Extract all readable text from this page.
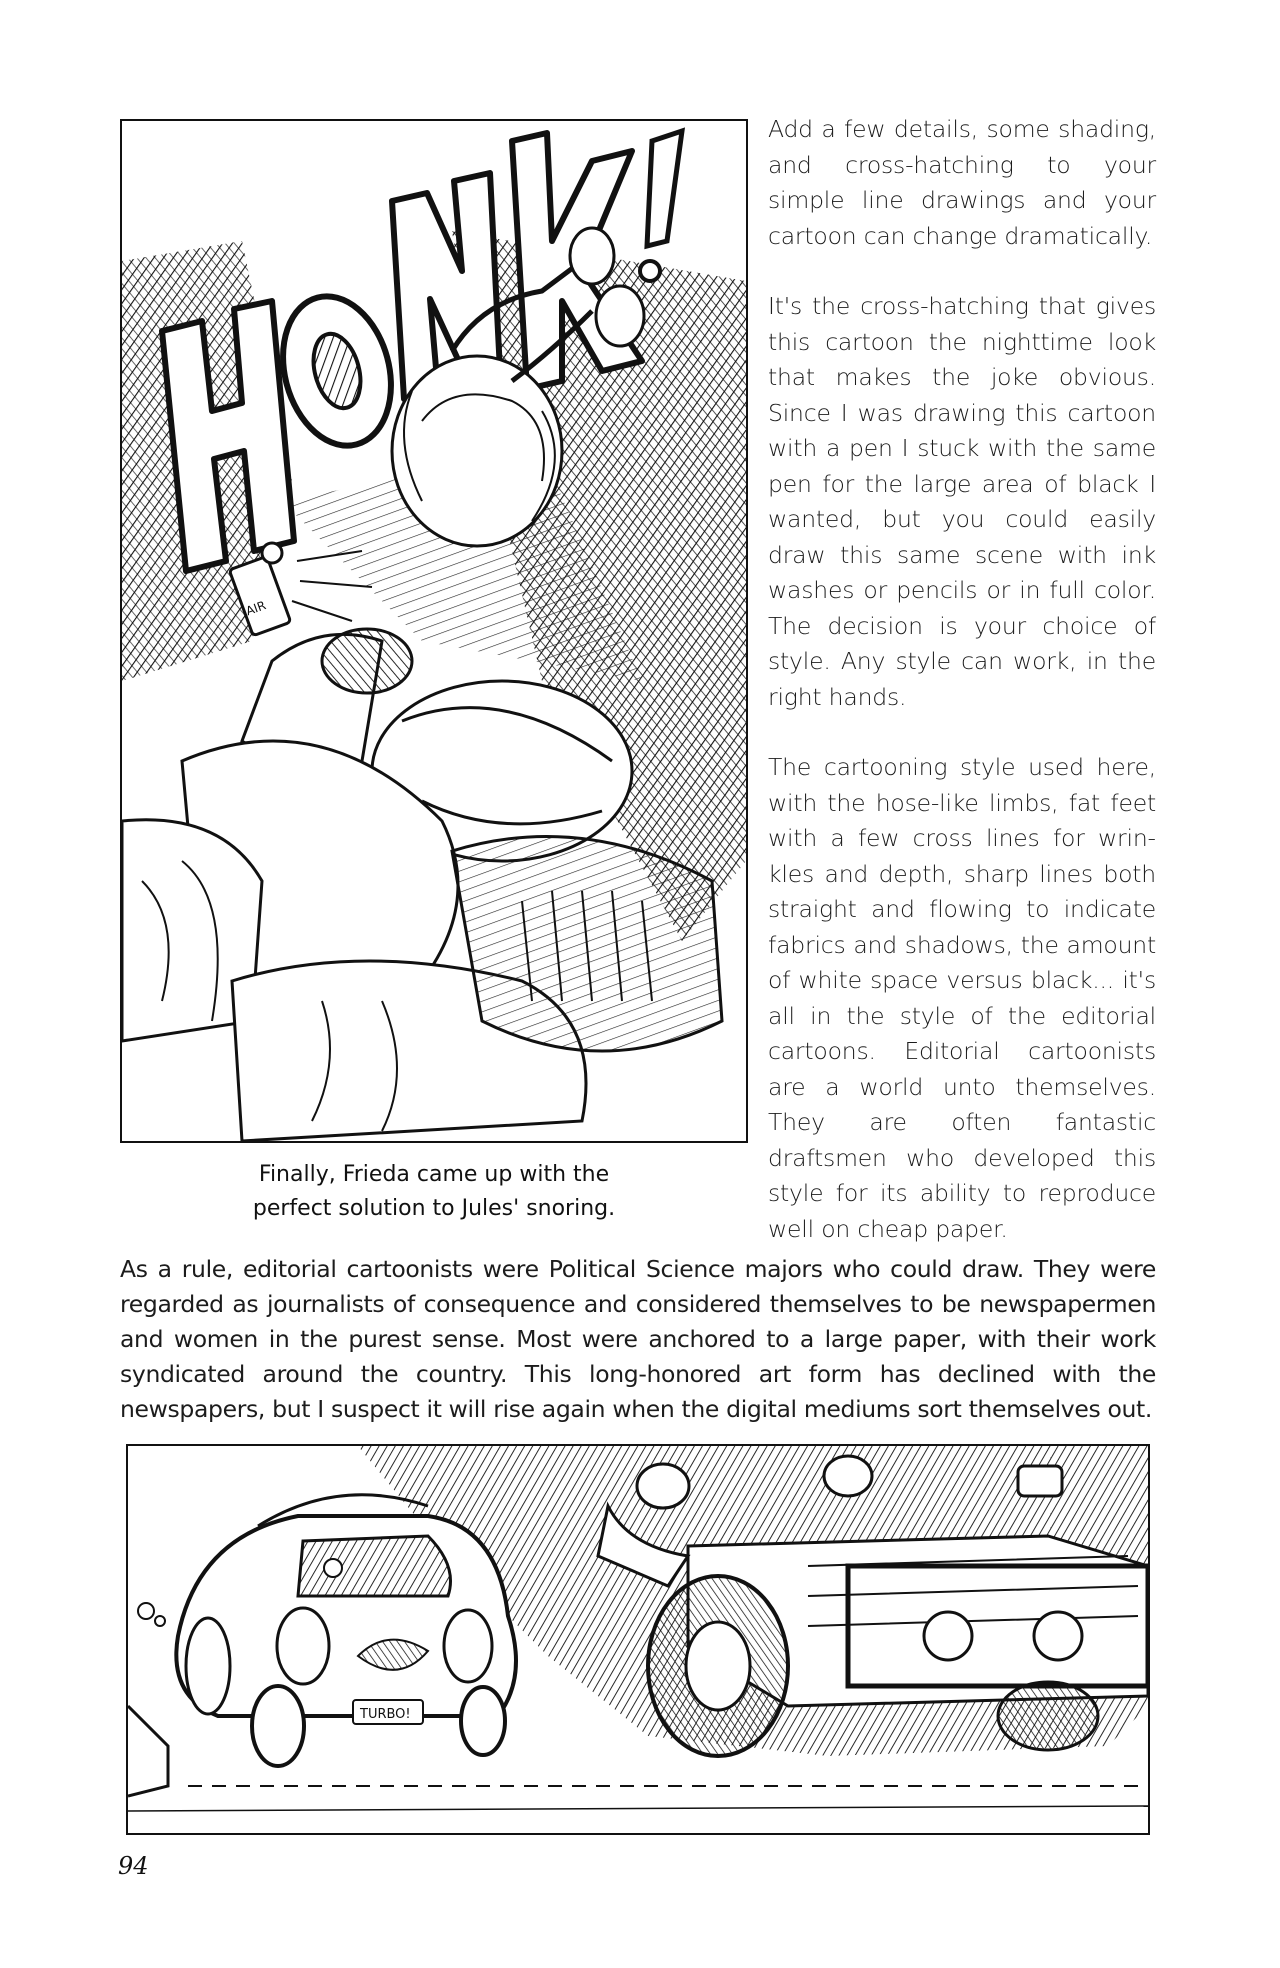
AIR
Finally, Frieda came up with the
perfect solution to Jules' snoring.

Add a few details, some shading, and cross-hatching to your simple line drawings and your cartoon can change dramatically.

It's the cross-hatching that gives this cartoon the nighttime look that makes the joke obvious. Since I was drawing this cartoon with a pen I stuck with the same pen for the large area of black I wanted, but you could easily draw this same scene with ink washes or pencils or in full color. The decision is your choice of style. Any style can work, in the right hands.

The cartooning style used here, with the hose-like limbs, fat feet with a few cross lines for wrinkles and depth, sharp lines both straight and flowing to indicate fabrics and shadows, the amount of white space versus black... it's all in the style of the editorial cartoons. Editorial cartoonists are a world unto themselves. They are often fantastic draftsmen who developed this style for its ability to reproduce well on cheap paper.

As a rule, editorial cartoonists were Political Science majors who could draw. They were regarded as journalists of consequence and considered themselves to be newspapermen and women in the purest sense. Most were anchored to a large paper, with their work syndicated around the country. This long-honored art form has declined with the newspapers, but I suspect it will rise again when the digital mediums sort themselves out.

TURBO!
94
